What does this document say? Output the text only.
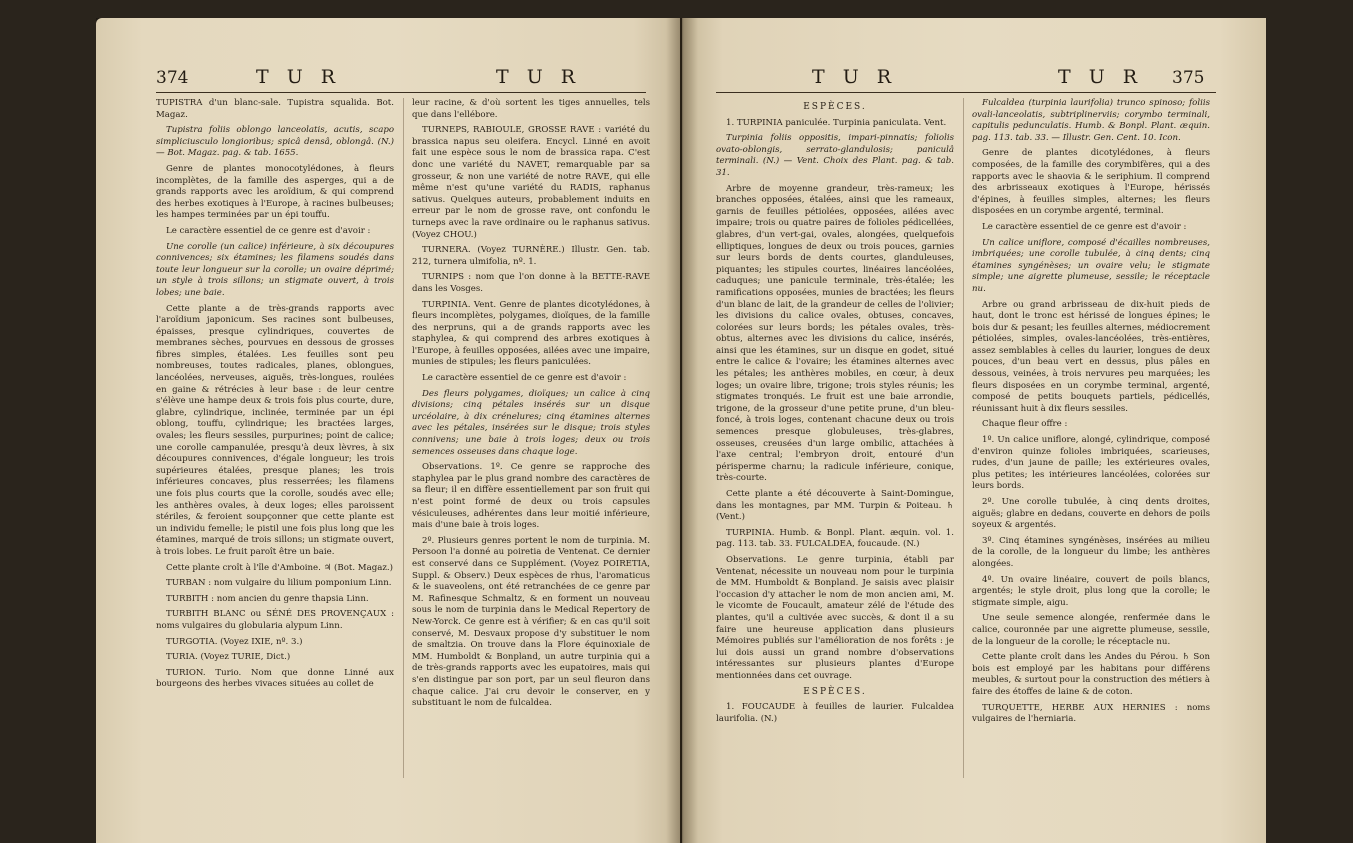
374	T U R	T U R

TUPISTRA d'un blanc-sale. Tupistra squalida. Bot. Magaz.

Tupistra foliis oblongo lanceolatis, acutis, scapo simpliciusculo longioribus; spicâ densâ, oblongâ. (N.) — Bot. Magaz. pag. & tab. 1655.

Genre de plantes monocotylédones, à fleurs incomplètes, de la famille des asperges, qui a de grands rapports avec les aroïdium, & qui comprend des herbes exotiques à l'Europe, à racines bulbeuses; les hampes terminées par un épi touffu.

Le caractère essentiel de ce genre est d'avoir :

Une corolle (un calice) inférieure, à six découpures connivences; six étamines; les filamens soudés dans toute leur longueur sur la corolle; un ovaire déprimé; un style à trois sillons; un stigmate ouvert, à trois lobes; une baie.

Cette plante a de très-grands rapports avec l'aroïdium japonicum. Ses racines sont bulbeuses, épaisses, presque cylindriques, couvertes de membranes sèches, pourvues en dessous de grosses fibres simples, étalées. Les feuilles sont peu nombreuses, toutes radicales, planes, oblongues, lancéolées, nerveuses, aiguës, très-longues, roulées en gaine & rétrécies à leur base : de leur centre s'élève une hampe deux & trois fois plus courte, dure, glabre, cylindrique, inclinée, terminée par un épi oblong, touffu, cylindrique; les bractées larges, ovales; les fleurs sessiles, purpurines; point de calice; une corolle campanulée, presqu'à deux lèvres, à six découpures connivences, d'égale longueur; les trois supérieures étalées, presque planes; les trois inférieures concaves, plus resserrées; les filamens une fois plus courts que la corolle, soudés avec elle; les anthères ovales, à deux loges; elles paroissent stériles, & feroient soupçonner que cette plante est un individu femelle; le pistil une fois plus long que les étamines, marqué de trois sillons; un stigmate ouvert, à trois lobes. Le fruit paroît être un baie.

Cette plante croît à l'île d'Amboine. ♃ (Bot. Magaz.)

TURBAN : nom vulgaire du lilium pomponium Linn.

TURBITH : nom ancien du genre thapsia Linn.

TURBITH BLANC ou SÉNÉ DES PROVENÇAUX : noms vulgaires du globularia alypum Linn.

TURGOTIA. (Voyez IXIE, nº. 3.)

TURIA. (Voyez TURIE, Dict.)

TURION. Turio. Nom que donne Linné aux bourgeons des herbes vivaces situées au collet de

leur racine, & d'où sortent les tiges annuelles, tels que dans l'ellébore.

TURNEPS, RABIOULE, GROSSE RAVE : variété du brassica napus seu oleifera. Encycl. Linné en avoit fait une espèce sous le nom de brassica rapa. C'est donc une variété du NAVET, remarquable par sa grosseur, & non une variété de notre RAVE, qui elle même n'est qu'une variété du RADIS, raphanus sativus. Quelques auteurs, probablement induits en erreur par le nom de grosse rave, ont confondu le turneps avec la rave ordinaire ou le raphanus sativus. (Voyez CHOU.)

TURNERA. (Voyez TURNÈRE.) Illustr. Gen. tab. 212, turnera ulmifolia, nº. 1.

TURNIPS : nom que l'on donne à la BETTE-RAVE dans les Vosges.

TURPINIA. Vent. Genre de plantes dicotylédones, à fleurs incomplètes, polygames, dioïques, de la famille des nerpruns, qui a de grands rapports avec les staphylea, & qui comprend des arbres exotiques à l'Europe, à feuilles opposées, ailées avec une impaire, munies de stipules; les fleurs paniculées.

Le caractère essentiel de ce genre est d'avoir :

Des fleurs polygames, dioïques; un calice à cinq divisions; cinq pétales insérés sur un disque urcéolaire, à dix crénelures; cinq étamines alternes avec les pétales, insérées sur le disque; trois styles connivens; une baie à trois loges; deux ou trois semences osseuses dans chaque loge.

Observations. 1º. Ce genre se rapproche des staphylea par le plus grand nombre des caractères de sa fleur; il en diffère essentiellement par son fruit qui n'est point formé de deux ou trois capsules vésiculeuses, adhérentes dans leur moitié inférieure, mais d'une baie à trois loges.

2º. Plusieurs genres portent le nom de turpinia. M. Persoon l'a donné au poiretia de Ventenat. Ce dernier est conservé dans ce Supplément. (Voyez POIRETIA, Suppl. & Observ.) Deux espèces de rhus, l'aromaticus & le suaveolens, ont été retranchées de ce genre par M. Rafinesque Schmaltz, & en forment un nouveau sous le nom de turpinia dans le Medical Repertory de New-Yorck. Ce genre est à vérifier; & en cas qu'il soit conservé, M. Desvaux propose d'y substituer le nom de smaltzia. On trouve dans la Flore équinoxiale de MM. Humboldt & Bonpland, un autre turpinia qui a de très-grands rapports avec les eupatoires, mais qui s'en distingue par son port, par un seul fleuron dans chaque calice. J'ai cru devoir le conserver, en y substituant le nom de fulcaldea.

T U R	T U R 375

ESPÈCES.

1. TURPINIA paniculée. Turpinia paniculata. Vent.

Turpinia foliis oppositis, impari-pinnatis; foliolis ovato-oblongis, serrato-glandulosis; paniculâ terminali. (N.) — Vent. Choix des Plant. pag. & tab. 31.

Arbre de moyenne grandeur, très-rameux; les branches opposées, étalées, ainsi que les rameaux, garnis de feuilles pétiolées, opposées, ailées avec impaire; trois ou quatre paires de folioles pédicellées, glabres, d'un vert-gai, ovales, alongées, quelquefois elliptiques, longues de deux ou trois pouces, garnies sur leurs bords de dents courtes, glanduleuses, piquantes; les stipules courtes, linéaires lancéolées, caduques; une panicule terminale, très-étalée; les ramifications opposées, munies de bractées; les fleurs d'un blanc de lait, de la grandeur de celles de l'olivier; les divisions du calice ovales, obtuses, concaves, colorées sur leurs bords; les pétales ovales, très-obtus, alternes avec les divisions du calice, insérés, ainsi que les étamines, sur un disque en godet, situé entre le calice & l'ovaire; les étamines alternes avec les pétales; les anthères mobiles, en cœur, à deux loges; un ovaire libre, trigone; trois styles réunis; les stigmates tronqués. Le fruit est une baie arrondie, trigone, de la grosseur d'une petite prune, d'un bleu-foncé, à trois loges, contenant chacune deux ou trois semences presque globuleuses, très-glabres, osseuses, creusées d'un large ombilic, attachées à l'axe central; l'embryon droit, entouré d'un périsperme charnu; la radicule inférieure, conique, très-courte.

Cette plante a été découverte à Saint-Domingue, dans les montagnes, par MM. Turpin & Poiteau. ♄ (Vent.)

TURPINIA. Humb. & Bonpl. Plant. æquin. vol. 1. pag. 113. tab. 33. FULCALDEA, foucaude. (N.)

Observations. Le genre turpinia, établi par Ventenat, nécessite un nouveau nom pour le turpinia de MM. Humboldt & Bonpland. Je saisis avec plaisir l'occasion d'y attacher le nom de mon ancien ami, M. le vicomte de Foucault, amateur zélé de l'étude des plantes, qu'il a cultivée avec succès, & dont il a su faire une heureuse application dans plusieurs Mémoires publiés sur l'amélioration de nos forêts : je lui dois aussi un grand nombre d'observations intéressantes sur plusieurs plantes d'Europe mentionnées dans cet ouvrage.

ESPÈCES.

1. FOUCAUDE à feuilles de laurier. Fulcaldea laurifolia. (N.)

Fulcaldea (turpinia laurifolia) trunco spinoso; foliis ovali-lanceolatis, subtriplinerviis; corymbo terminali, capitulis pedunculatis. Humb. & Bonpl. Plant. æquin. pag. 113. tab. 33. — Illustr. Gen. Cent. 10. Icon.

Genre de plantes dicotylédones, à fleurs composées, de la famille des corymbifères, qui a des rapports avec le shaovia & le seriphium. Il comprend des arbrisseaux exotiques à l'Europe, hérissés d'épines, à feuilles simples, alternes; les fleurs disposées en un corymbe argenté, terminal.

Le caractère essentiel de ce genre est d'avoir :

Un calice uniflore, composé d'écailles nombreuses, imbriquées; une corolle tubulée, à cinq dents; cinq étamines syngénèses; un ovaire velu; le stigmate simple; une aigrette plumeuse, sessile; le réceptacle nu.

Arbre ou grand arbrisseau de dix-huit pieds de haut, dont le tronc est hérissé de longues épines; le bois dur & pesant; les feuilles alternes, médiocrement pétiolées, simples, ovales-lancéolées, très-entières, assez semblables à celles du laurier, longues de deux pouces, d'un beau vert en dessus, plus pâles en dessous, veinées, à trois nervures peu marquées; les fleurs disposées en un corymbe terminal, argenté, composé de petits bouquets partiels, pédicellés, réunissant huit à dix fleurs sessiles.

Chaque fleur offre :

1º. Un calice uniflore, alongé, cylindrique, composé d'environ quinze folioles imbriquées, scarieuses, rudes, d'un jaune de paille; les extérieures ovales, plus petites; les intérieures lancéolées, colorées sur leurs bords.

2º. Une corolle tubulée, à cinq dents droites, aiguës; glabre en dedans, couverte en dehors de poils soyeux & argentés.

3º. Cinq étamines syngénèses, insérées au milieu de la corolle, de la longueur du limbe; les anthères alongées.

4º. Un ovaire linéaire, couvert de poils blancs, argentés; le style droit, plus long que la corolle; le stigmate simple, aigu.

Une seule semence alongée, renfermée dans le calice, couronnée par une aigrette plumeuse, sessile, de la longueur de la corolle; le réceptacle nu.

Cette plante croît dans les Andes du Pérou. ♄ Son bois est employé par les habitans pour différens meubles, & surtout pour la construction des métiers à faire des étoffes de laine & de coton.

TURQUETTE, HERBE AUX HERNIES : noms vulgaires de l'herniaria.
